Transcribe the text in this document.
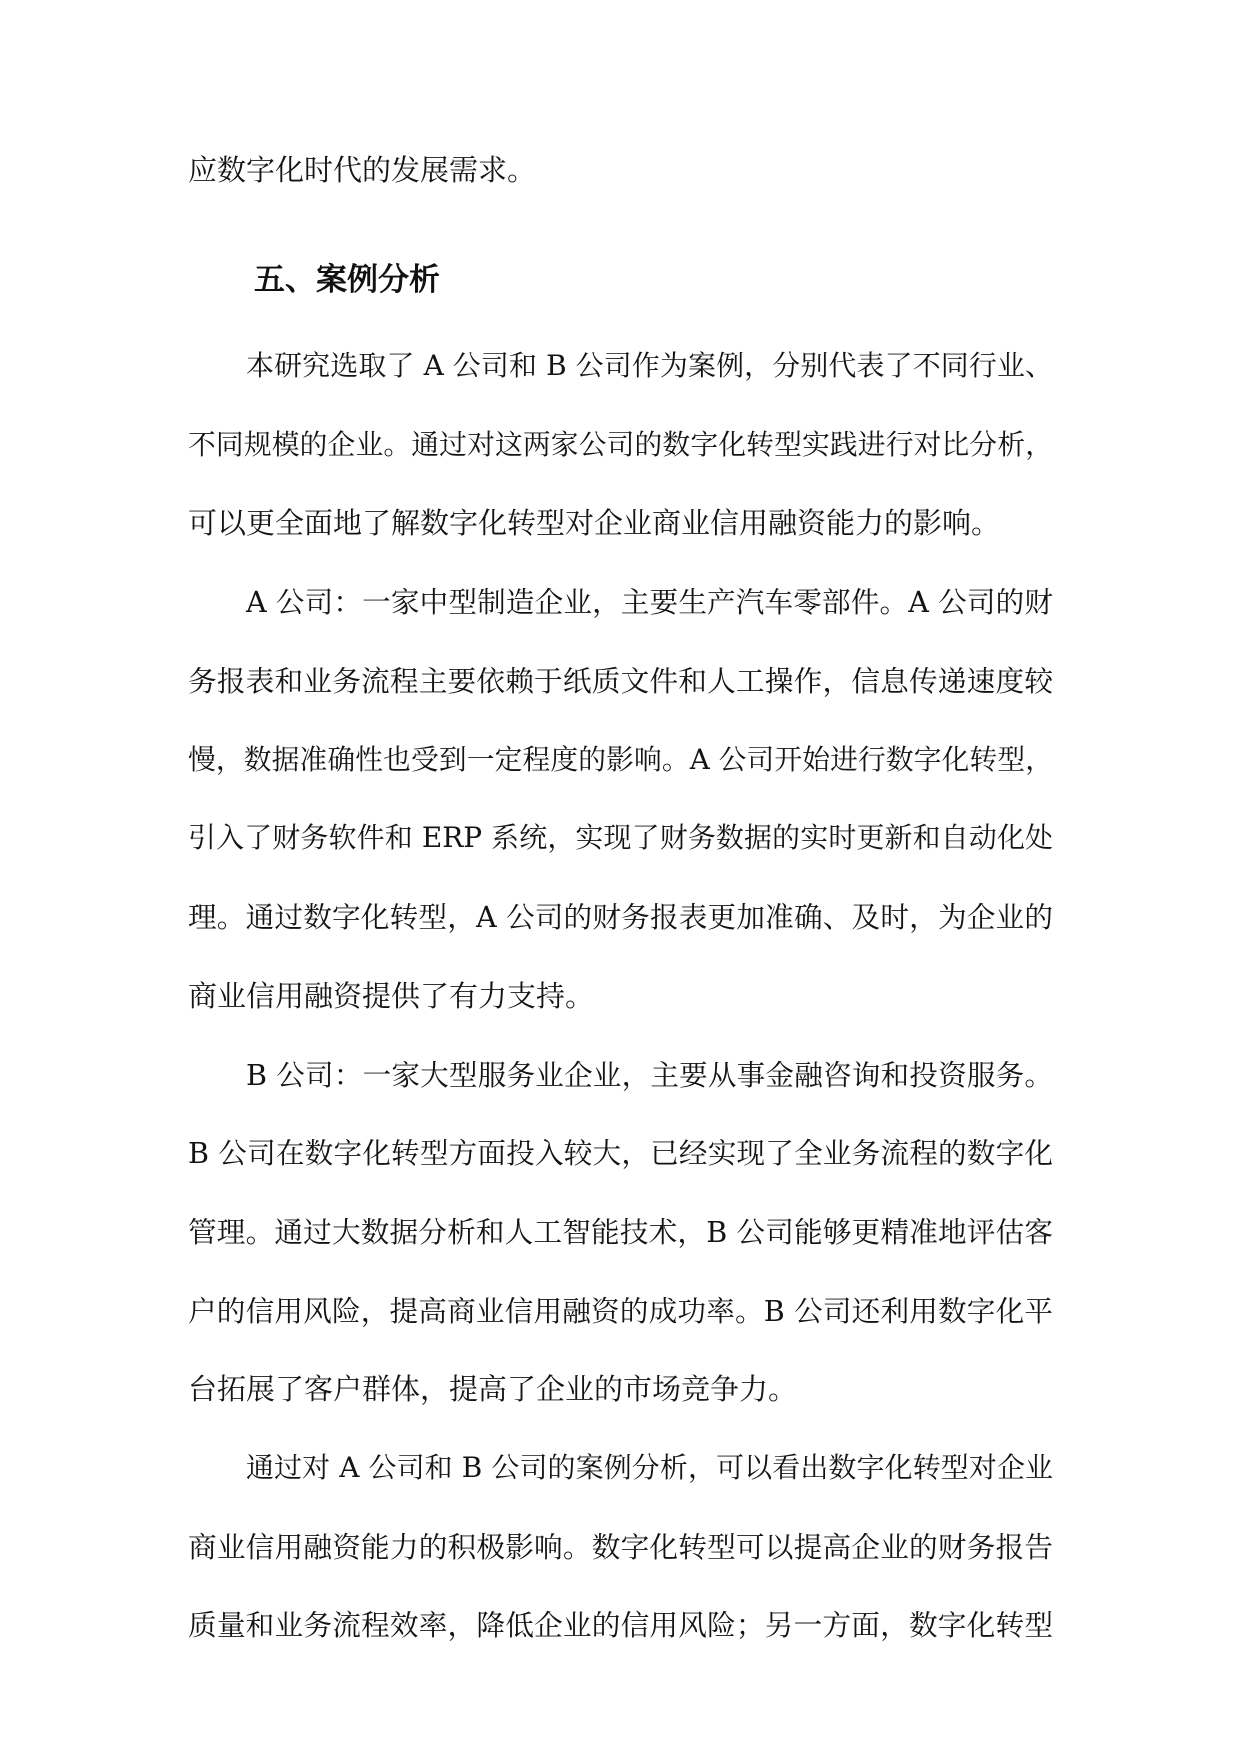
应数字化时代的发展需求。
五、案例分析
本研究选取了 A 公司和 B 公司作为案例，分别代表了不同行业、
不同规模的企业。通过对这两家公司的数字化转型实践进行对比分析，
可以更全面地了解数字化转型对企业商业信用融资能力的影响。
A 公司：一家中型制造企业，主要生产汽车零部件。A 公司的财
务报表和业务流程主要依赖于纸质文件和人工操作，信息传递速度较
慢，数据准确性也受到一定程度的影响。A 公司开始进行数字化转型，
引入了财务软件和 ERP 系统，实现了财务数据的实时更新和自动化处
理。通过数字化转型，A 公司的财务报表更加准确、及时，为企业的
商业信用融资提供了有力支持。
B 公司：一家大型服务业企业，主要从事金融咨询和投资服务。
B 公司在数字化转型方面投入较大，已经实现了全业务流程的数字化
管理。通过大数据分析和人工智能技术，B 公司能够更精准地评估客
户的信用风险，提高商业信用融资的成功率。B 公司还利用数字化平
台拓展了客户群体，提高了企业的市场竞争力。
通过对 A 公司和 B 公司的案例分析，可以看出数字化转型对企业
商业信用融资能力的积极影响。数字化转型可以提高企业的财务报告
质量和业务流程效率，降低企业的信用风险；另一方面，数字化转型
